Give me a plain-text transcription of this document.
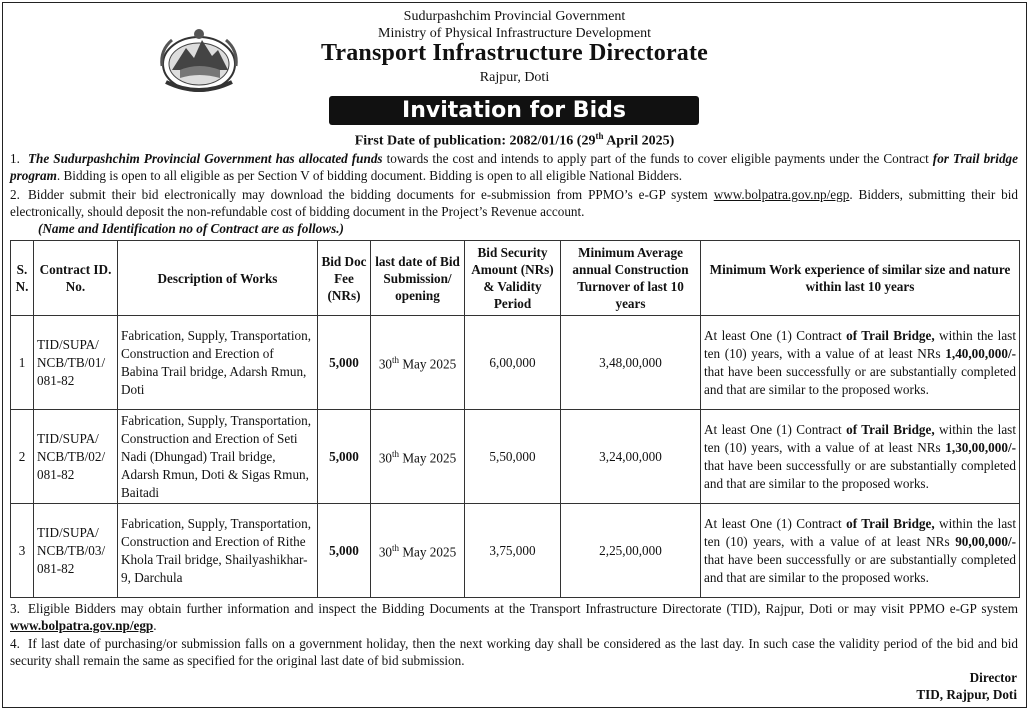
Sudurpashchim Provincial Government
Ministry of Physical Infrastructure Development
Transport Infrastructure Directorate
Rajpur, Doti
Invitation for Bids
First Date of publication: 2082/01/16 (29th April 2025)
1. The Sudurpashchim Provincial Government has allocated funds towards the cost and intends to apply part of the funds to cover eligible payments under the Contract for Trail bridge program. Bidding is open to all eligible as per Section V of bidding document. Bidding is open to all eligible National Bidders.
2. Bidder submit their bid electronically may download the bidding documents for e-submission from PPMO’s e-GP system www.bolpatra.gov.np/egp. Bidders, submitting their bid electronically, should deposit the non-refundable cost of bidding document in the Project’s Revenue account.
(Name and Identification no of Contract are as follows.)
S. N.	Contract ID. No.	Description of Works	Bid Doc Fee (NRs)	last date of Bid Submission/ opening	Bid Security Amount (NRs) & Validity Period	Minimum Average annual Construction Turnover of last 10 years	Minimum Work experience of similar size and nature within last 10 years
1	TID/SUPA/ NCB/TB/01/ 081-82	Fabrication, Supply, Transportation, Construction and Erection of Babina Trail bridge, Adarsh Rmun, Doti	5,000	30th May 2025	6,00,000	3,48,00,000	At least One (1) Contract of Trail Bridge, within the last ten (10) years, with a value of at least NRs 1,40,00,000/- that have been successfully or are substantially completed and that are similar to the proposed works.
2	TID/SUPA/ NCB/TB/02/ 081-82	Fabrication, Supply, Transportation, Construction and Erection of Seti Nadi (Dhungad) Trail bridge, Adarsh Rmun, Doti & Sigas Rmun, Baitadi	5,000	30th May 2025	5,50,000	3,24,00,000	At least One (1) Contract of Trail Bridge, within the last ten (10) years, with a value of at least NRs 1,30,00,000/- that have been successfully or are substantially completed and that are similar to the proposed works.
3	TID/SUPA/ NCB/TB/03/ 081-82	Fabrication, Supply, Transportation, Construction and Erection of Rithe Khola Trail bridge, Shailyashikhar-9, Darchula	5,000	30th May 2025	3,75,000	2,25,00,000	At least One (1) Contract of Trail Bridge, within the last ten (10) years, with a value of at least NRs 90,00,000/- that have been successfully or are substantially completed and that are similar to the proposed works.
3. Eligible Bidders may obtain further information and inspect the Bidding Documents at the Transport Infrastructure Directorate (TID), Rajpur, Doti or may visit PPMO e-GP system www.bolpatra.gov.np/egp.
4. If last date of purchasing/or submission falls on a government holiday, then the next working day shall be considered as the last day. In such case the validity period of the bid and bid security shall remain the same as specified for the original last date of bid submission.
Director
TID, Rajpur, Doti
